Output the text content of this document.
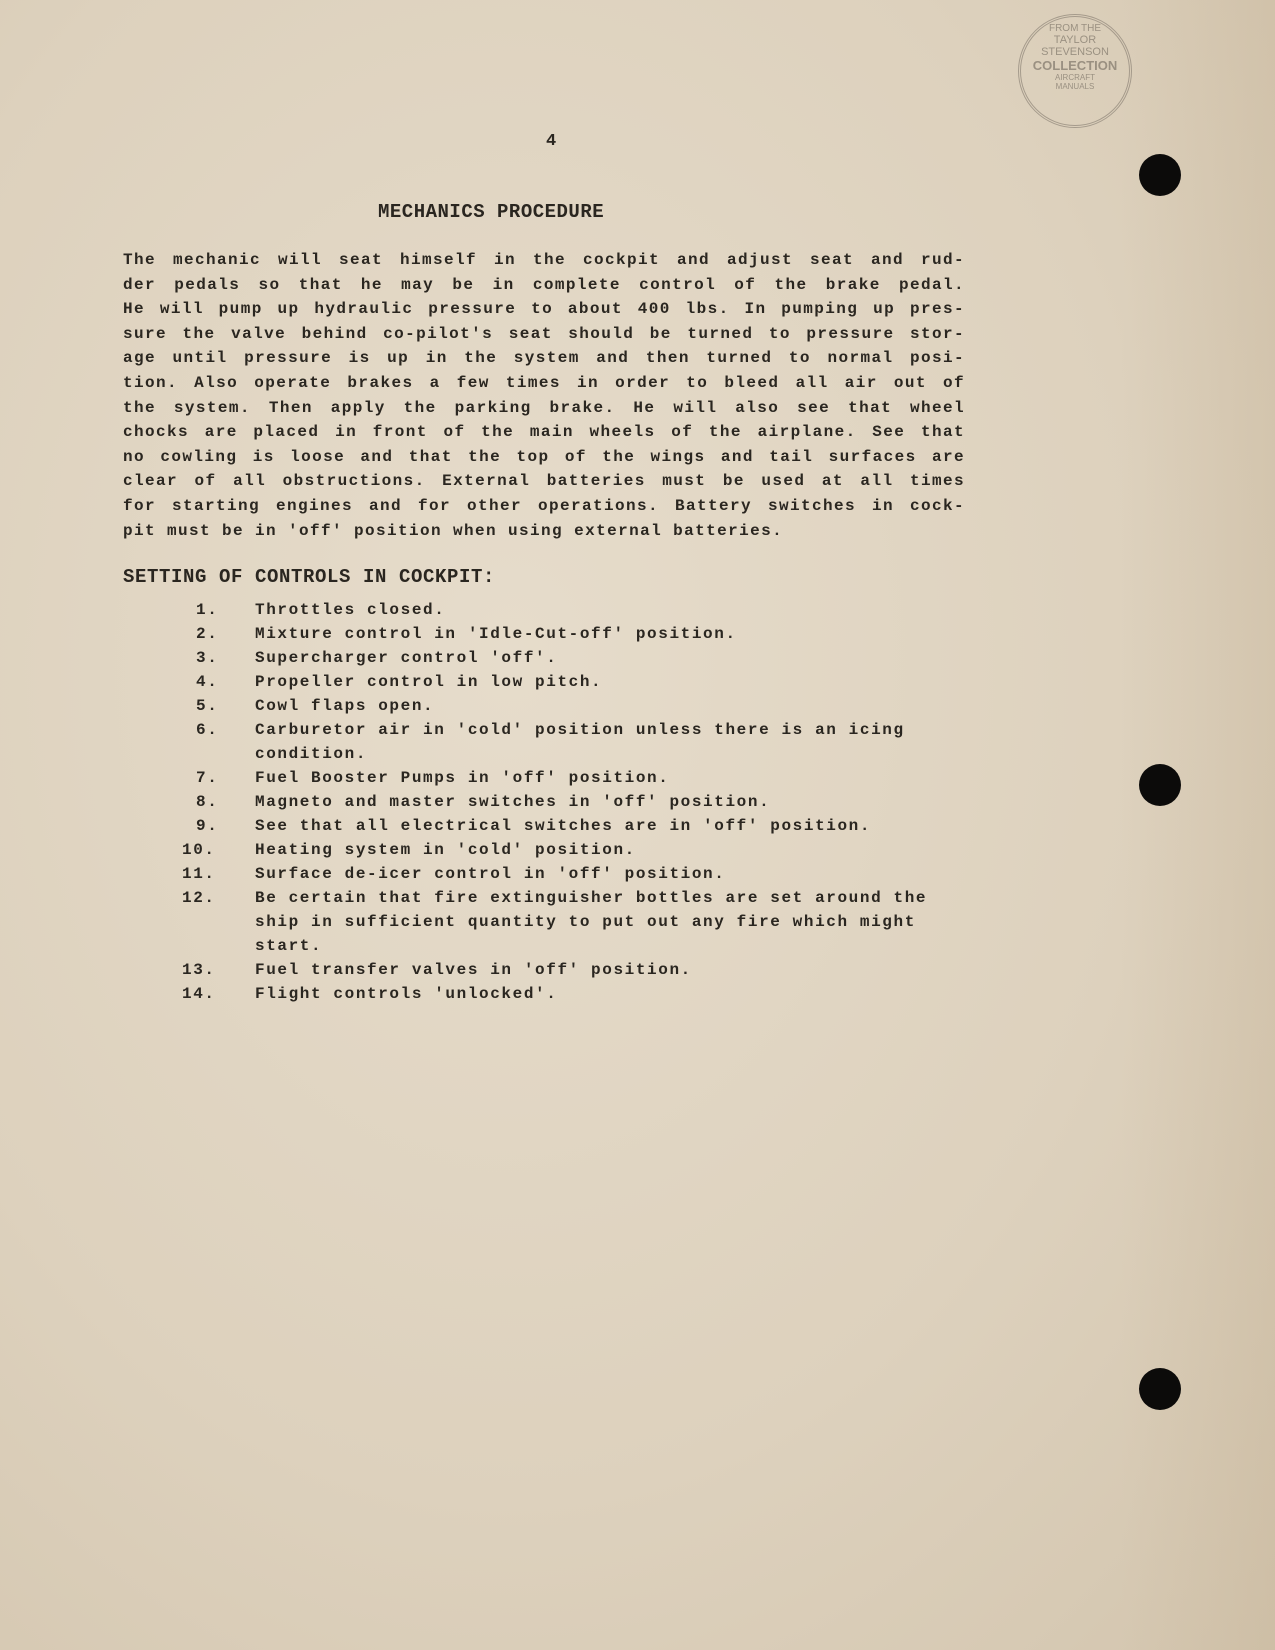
FROM THE
TAYLOR
STEVENSON
COLLECTION
AIRCRAFT
MANUALS
4
MECHANICS PROCEDURE
The mechanic will seat himself in the cockpit and adjust seat and rud-
der pedals so that he may be in complete control of the brake pedal.
He will pump up hydraulic pressure to about 400 lbs. In pumping up pres-
sure the valve behind co-pilot's seat should be turned to pressure stor-
age until pressure is up in the system and then turned to normal posi-
tion. Also operate brakes a few times in order to bleed all air out of
the system. Then apply the parking brake. He will also see that wheel
chocks are placed in front of the main wheels of the airplane. See that
no cowling is loose and that the top of the wings and tail surfaces are
clear of all obstructions. External batteries must be used at all times
for starting engines and for other operations. Battery switches in cock-
pit must be in 'off' position when using external batteries.
SETTING OF CONTROLS IN COCKPIT:
1.	Throttles closed.
2.	Mixture control in 'Idle-Cut-off' position.
3.	Supercharger control 'off'.
4.	Propeller control in low pitch.
5.	Cowl flaps open.
6.	Carburetor air in 'cold' position unless there is an icing condition.
7.	Fuel Booster Pumps in 'off' position.
8.	Magneto and master switches in 'off' position.
9.	See that all electrical switches are in 'off' position.
10.	Heating system in 'cold' position.
11.	Surface de-icer control in 'off' position.
12.	Be certain that fire extinguisher bottles are set around the ship in sufficient quantity to put out any fire which might start.
13.	Fuel transfer valves in 'off' position.
14.	Flight controls 'unlocked'.
